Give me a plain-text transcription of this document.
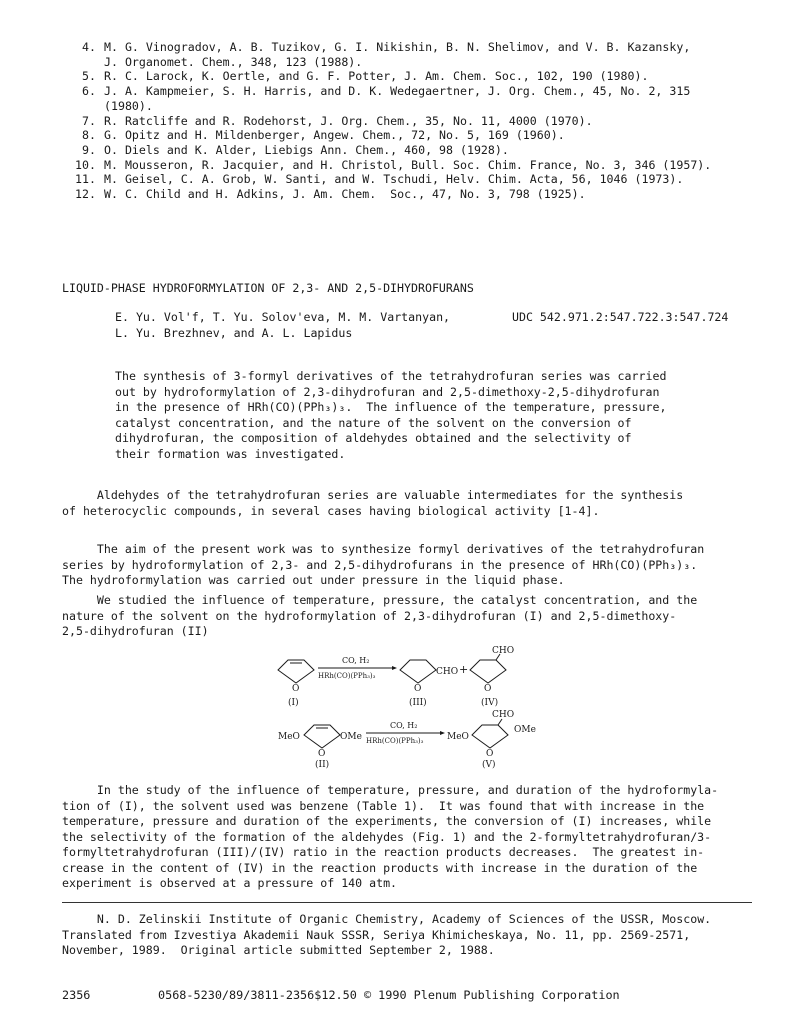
4. M. G. Vinogradov, A. B. Tuzikov, G. I. Nikishin, B. N. Shelimov, and V. B. Kazansky,
J. Organomet. Chem., 348, 123 (1988).
5. R. C. Larock, K. Oertle, and G. F. Potter, J. Am. Chem. Soc., 102, 190 (1980).
6. J. A. Kampmeier, S. H. Harris, and D. K. Wedegaertner, J. Org. Chem., 45, No. 2, 315
(1980).
7. R. Ratcliffe and R. Rodehorst, J. Org. Chem., 35, No. 11, 4000 (1970).
8. G. Opitz and H. Mildenberger, Angew. Chem., 72, No. 5, 169 (1960).
9. O. Diels and K. Alder, Liebigs Ann. Chem., 460, 98 (1928).
10. M. Mousseron, R. Jacquier, and H. Christol, Bull. Soc. Chim. France, No. 3, 346 (1957).
11. M. Geisel, C. A. Grob, W. Santi, and W. Tschudi, Helv. Chim. Acta, 56, 1046 (1973).
12. W. C. Child and H. Adkins, J. Am. Chem.  Soc., 47, No. 3, 798 (1925).
LIQUID-PHASE HYDROFORMYLATION OF 2,3- AND 2,5-DIHYDROFURANS
E. Yu. Vol'f, T. Yu. Solov'eva, M. M. Vartanyan,
L. Yu. Brezhnev, and A. L. Lapidus
UDC 542.971.2:547.722.3:547.724
The synthesis of 3-formyl derivatives of the tetrahydrofuran series was carried
out by hydroformylation of 2,3-dihydrofuran and 2,5-dimethoxy-2,5-dihydrofuran
in the presence of HRh(CO)(PPh₃)₃.  The influence of the temperature, pressure,
catalyst concentration, and the nature of the solvent on the conversion of
dihydrofuran, the composition of aldehydes obtained and the selectivity of
their formation was investigated.
Aldehydes of the tetrahydrofuran series are valuable intermediates for the synthesis
of heterocyclic compounds, in several cases having biological activity [1-4].
The aim of the present work was to synthesize formyl derivatives of the tetrahydrofuran
series by hydroformylation of 2,3- and 2,5-dihydrofurans in the presence of HRh(CO)(PPh₃)₃.
The hydroformylation was carried out under pressure in the liquid phase.
We studied the influence of temperature, pressure, the catalyst concentration, and the
nature of the solvent on the hydroformylation of 2,3-dihydrofuran (I) and 2,5-dimethoxy-
2,5-dihydrofuran (II)
O
(I)
CO, H₂
HRh(CO)(PPh₃)₃
O
CHO
(III)
+
CHO
O
(IV)
MeO
O
OMe
(II)
CO, H₂
HRh(CO)(PPh₃)₃	MeO
CHO
O
OMe
(V)
In the study of the influence of temperature, pressure, and duration of the hydroformyla-
tion of (I), the solvent used was benzene (Table 1).  It was found that with increase in the
temperature, pressure and duration of the experiments, the conversion of (I) increases, while
the selectivity of the formation of the aldehydes (Fig. 1) and the 2-formyltetrahydrofuran/3-
formyltetrahydrofuran (III)/(IV) ratio in the reaction products decreases.  The greatest in-
crease in the content of (IV) in the reaction products with increase in the duration of the
experiment is observed at a pressure of 140 atm.
N. D. Zelinskii Institute of Organic Chemistry, Academy of Sciences of the USSR, Moscow.
Translated from Izvestiya Akademii Nauk SSSR, Seriya Khimicheskaya, No. 11, pp. 2569-2571,
November, 1989.  Original article submitted September 2, 1988.
2356	0568-5230/89/3811-2356$12.50 © 1990 Plenum Publishing Corporation
